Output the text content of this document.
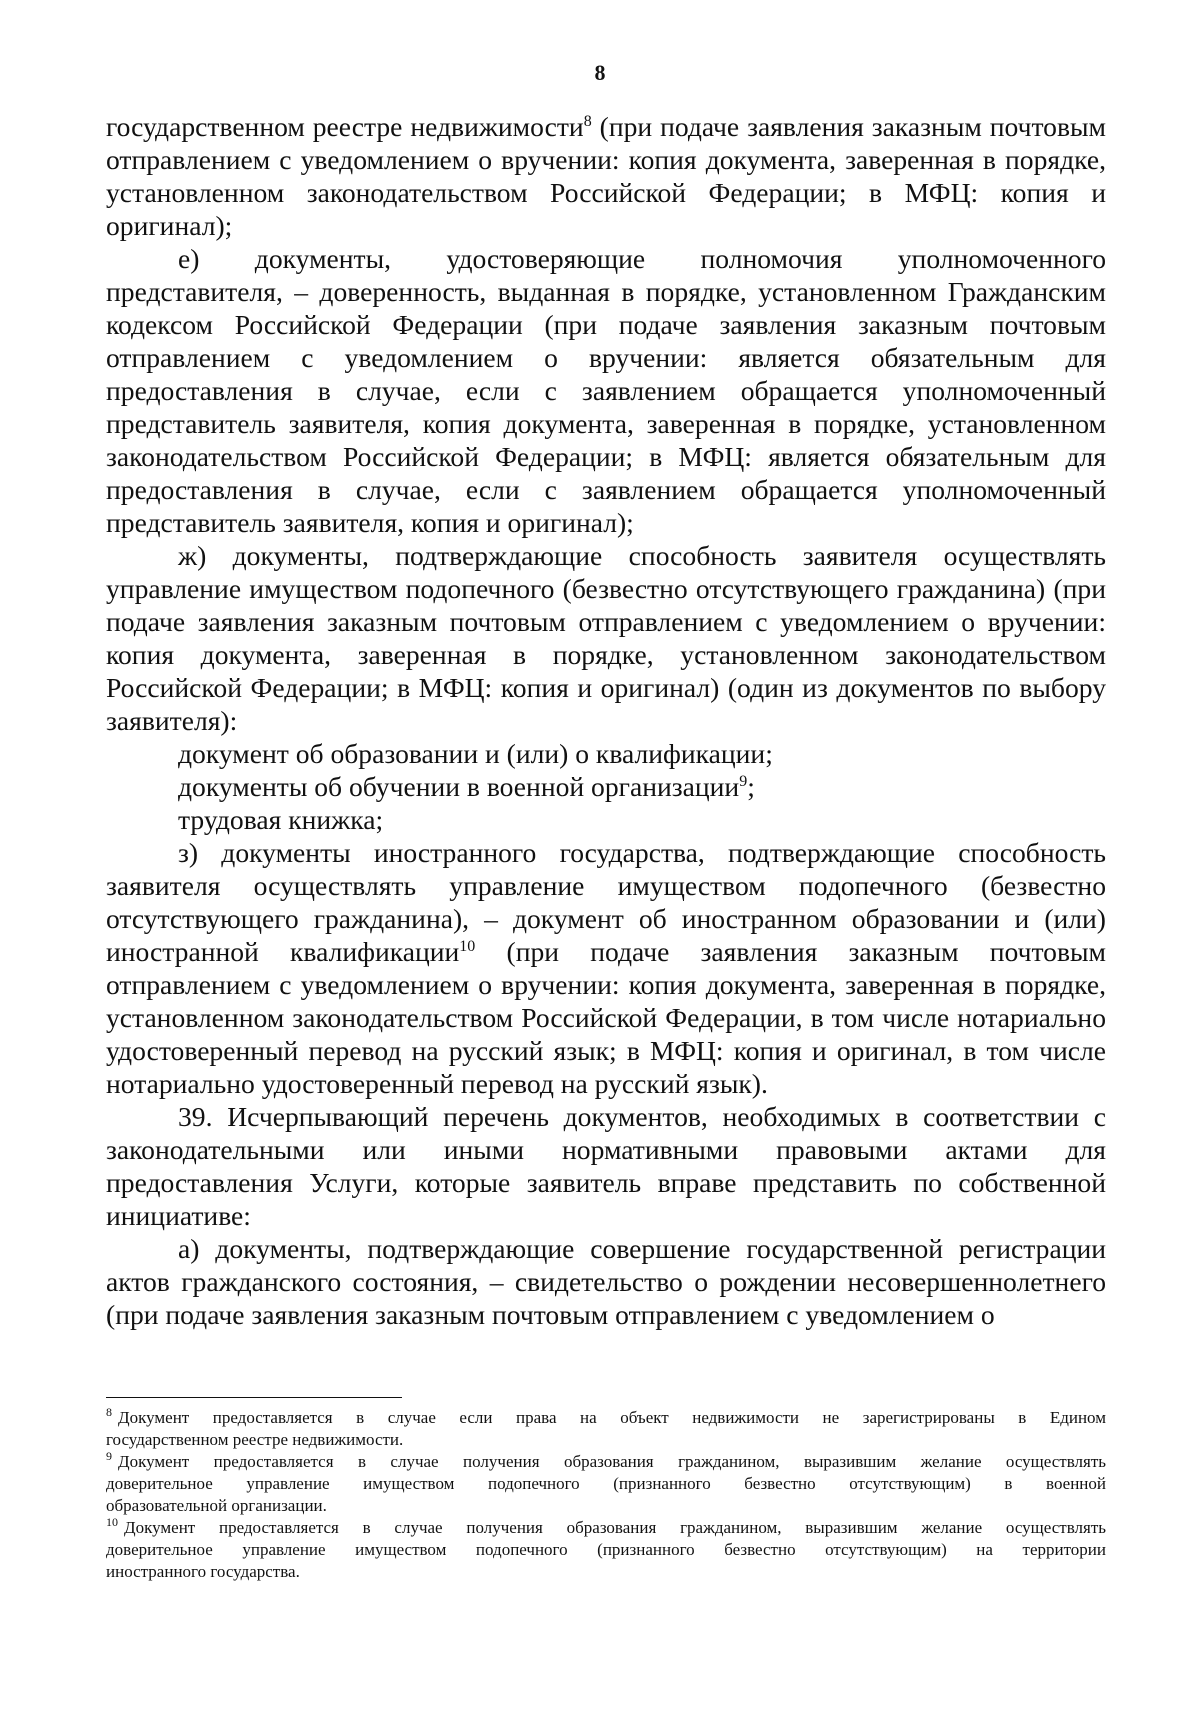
8

государственном реестре недвижимости$^8$ (при подаче заявления заказным почтовым

отправлением с уведомлением о вручении: копия документа, заверенная в порядке,

установленном законодательством Российской Федерации; в МФЦ: копия и

оригинал);

е) документы, удостоверяющие полномочия уполномоченного

представителя, – доверенность, выданная в порядке, установленном Гражданским

кодексом Российской Федерации (при подаче заявления заказным почтовым

отправлением с уведомлением о вручении: является обязательным для

предоставления в случае, если с заявлением обращается уполномоченный

представитель заявителя, копия документа, заверенная в порядке, установленном

законодательством Российской Федерации; в МФЦ: является обязательным для

предоставления в случае, если с заявлением обращается уполномоченный

представитель заявителя, копия и оригинал);

ж) документы, подтверждающие способность заявителя осуществлять

управление имуществом подопечного (безвестно отсутствующего гражданина) (при

подаче заявления заказным почтовым отправлением с уведомлением о вручении:

копия документа, заверенная в порядке, установленном законодательством

Российской Федерации; в МФЦ: копия и оригинал) (один из документов по выбору

заявителя):

документ об образовании и (или) о квалификации;

документы об обучении в военной организации$^9$;

трудовая книжка;

з) документы иностранного государства, подтверждающие способность

заявителя осуществлять управление имуществом подопечного (безвестно

отсутствующего гражданина), – документ об иностранном образовании и (или)

иностранной квалификации$^{10}$ (при подаче заявления заказным почтовым

отправлением с уведомлением о вручении: копия документа, заверенная в порядке,

установленном законодательством Российской Федерации, в том числе нотариально

удостоверенный перевод на русский язык; в МФЦ: копия и оригинал, в том числе

нотариально удостоверенный перевод на русский язык).

39. Исчерпывающий перечень документов, необходимых в соответствии с

законодательными или иными нормативными правовыми актами для

предоставления Услуги, которые заявитель вправе представить по собственной

инициативе:

а) документы, подтверждающие совершение государственной регистрации

актов гражданского состояния, – свидетельство о рождении несовершеннолетнего

(при подаче заявления заказным почтовым отправлением с уведомлением о

$^8$ Документ предоставляется в случае если права на объект недвижимости не зарегистрированы в Едином

государственном реестре недвижимости.

$^9$ Документ предоставляется в случае получения образования гражданином, выразившим желание осуществлять

доверительное управление имуществом подопечного (признанного безвестно отсутствующим) в военной

образовательной организации.

$^{10}$ Документ предоставляется в случае получения образования гражданином, выразившим желание осуществлять

доверительное управление имуществом подопечного (признанного безвестно отсутствующим) на территории

иностранного государства.
